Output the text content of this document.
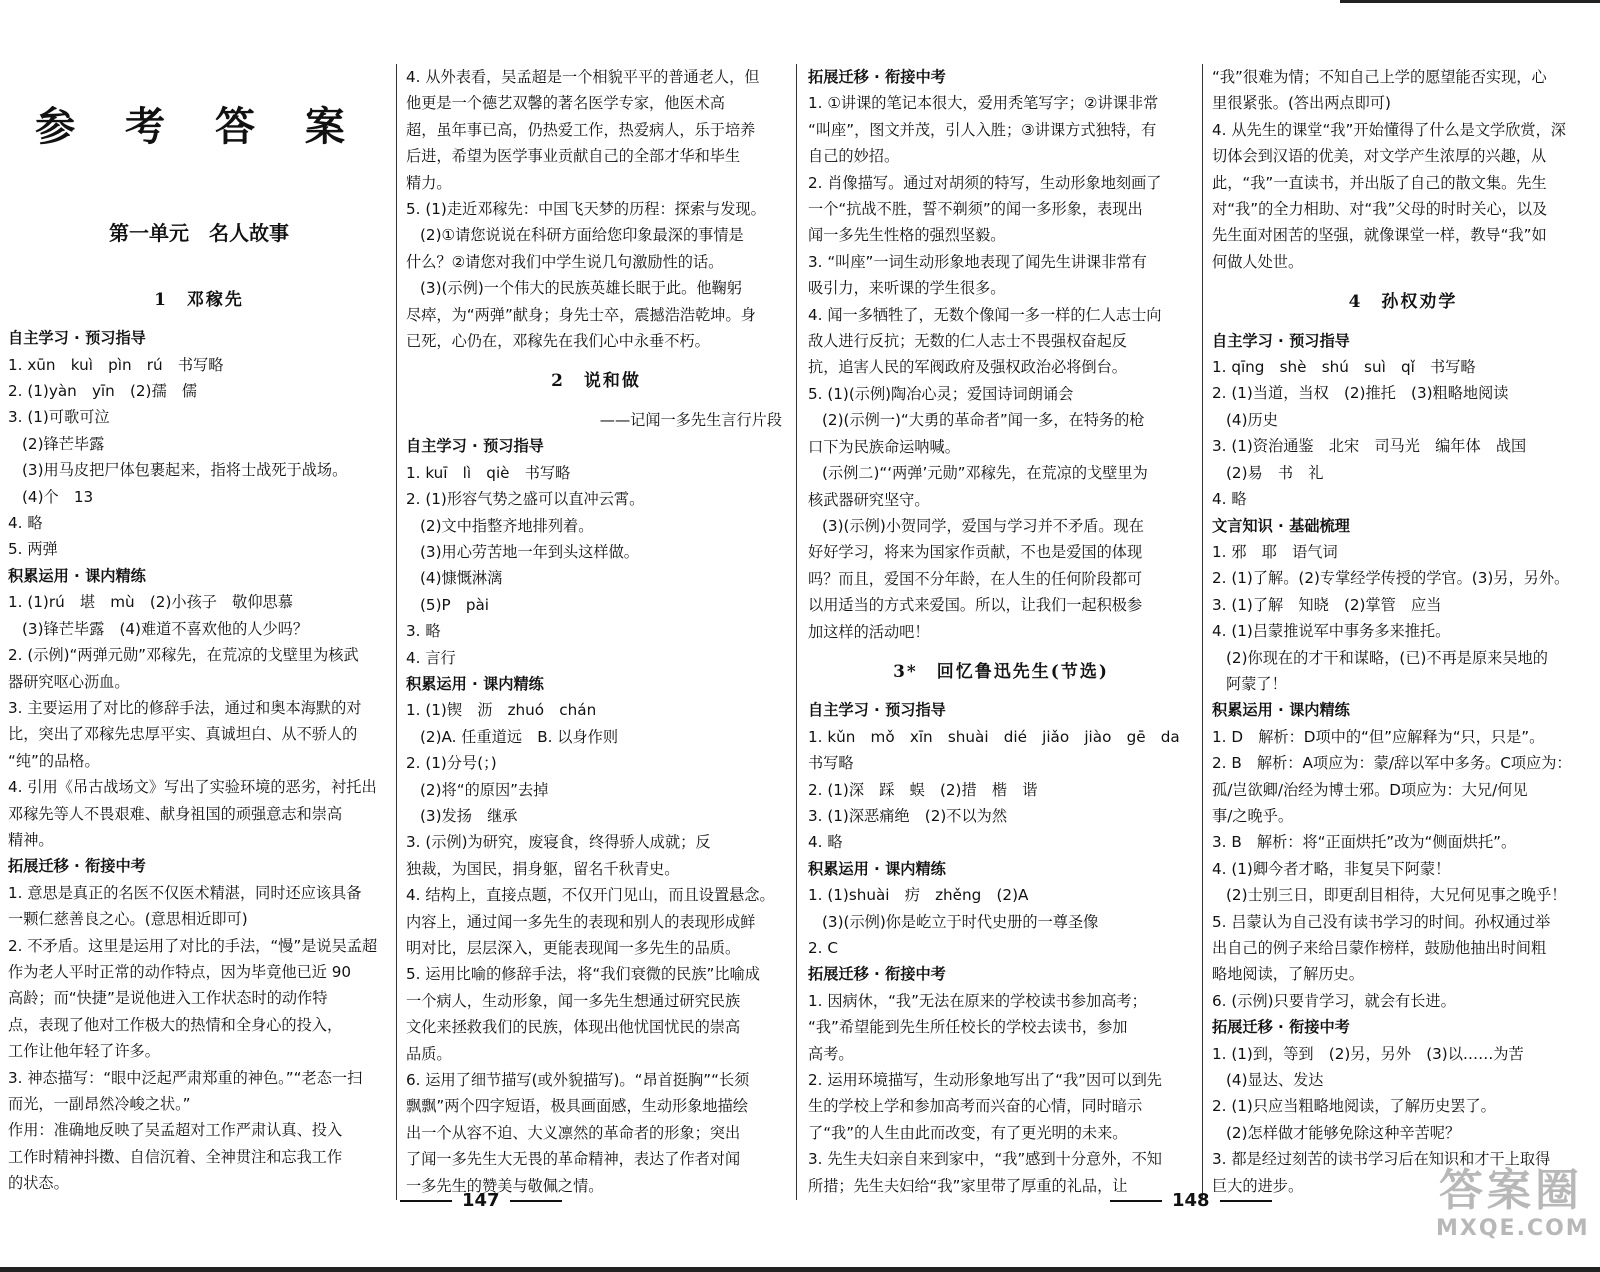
参 考 答 案
第一单元　名人故事
1　邓稼先
自主学习 · 预习指导
1. xūn　kuì　pìn　rú　书写略
2. (1)yàn　yīn　(2)孺　儒
3. (1)可歌可泣
(2)锋芒毕露
(3)用马皮把尸体包裹起来，指将士战死于战场。
(4)个　13
4. 略
5. 两弹
积累运用 · 课内精练
1. (1)rú　堪　mù　(2)小孩子　敬仰思慕
(3)锋芒毕露　(4)难道不喜欢他的人少吗？
2. (示例)“两弹元勋”邓稼先，在荒凉的戈壁里为核武
器研究呕心沥血。
3. 主要运用了对比的修辞手法，通过和奥本海默的对
比，突出了邓稼先忠厚平实、真诚坦白、从不骄人的
“纯”的品格。
4. 引用《吊古战场文》写出了实验环境的恶劣，衬托出
邓稼先等人不畏艰难、献身祖国的顽强意志和崇高
精神。
拓展迁移 · 衔接中考
1. 意思是真正的名医不仅医术精湛，同时还应该具备
一颗仁慈善良之心。(意思相近即可)
2. 不矛盾。这里是运用了对比的手法，“慢”是说吴孟超
作为老人平时正常的动作特点，因为毕竟他已近 90
高龄；而“快捷”是说他进入工作状态时的动作特
点，表现了他对工作极大的热情和全身心的投入，
工作让他年轻了许多。
3. 神态描写：“眼中泛起严肃郑重的神色。”“老态一扫
而光，一副昂然冷峻之状。”
作用：准确地反映了吴孟超对工作严肃认真、投入
工作时精神抖擞、自信沉着、全神贯注和忘我工作
的状态。
4. 从外表看，吴孟超是一个相貌平平的普通老人，但
他更是一个德艺双馨的著名医学专家，他医术高
超，虽年事已高，仍热爱工作，热爱病人，乐于培养
后进，希望为医学事业贡献自己的全部才华和毕生
精力。
5. (1)走近邓稼先：中国飞天梦的历程：探索与发现。
(2)①请您说说在科研方面给您印象最深的事情是
什么？②请您对我们中学生说几句激励性的话。
(3)(示例)一个伟大的民族英雄长眠于此。他鞠躬
尽瘁，为“两弹”献身；身先士卒，震撼浩浩乾坤。身
已死，心仍在，邓稼先在我们心中永垂不朽。
2　说和做
——记闻一多先生言行片段
自主学习 · 预习指导
1. kuī　lì　qiè　书写略
2. (1)形容气势之盛可以直冲云霄。
(2)文中指整齐地排列着。
(3)用心劳苦地一年到头这样做。
(4)慷慨淋漓
(5)P　pài
3. 略
4. 言行
积累运用 · 课内精练
1. (1)锲　沥　zhuó　chán
(2)A. 任重道远　B. 以身作则
2. (1)分号(；)
(2)将“的原因”去掉
(3)发扬　继承
3. (示例)为研究，废寝食，终得骄人成就；反
独裁，为国民，捐身躯，留名千秋青史。
4. 结构上，直接点题，不仅开门见山，而且设置悬念。
内容上，通过闻一多先生的表现和别人的表现形成鲜
明对比，层层深入，更能表现闻一多先生的品质。
5. 运用比喻的修辞手法，将“我们衰微的民族”比喻成
一个病人，生动形象，闻一多先生想通过研究民族
文化来拯救我们的民族，体现出他忧国忧民的崇高
品质。
6. 运用了细节描写(或外貌描写)。“昂首挺胸”“长须
飘飘”两个四字短语，极具画面感，生动形象地描绘
出一个从容不迫、大义凛然的革命者的形象；突出
了闻一多先生大无畏的革命精神，表达了作者对闻
一多先生的赞美与敬佩之情。
拓展迁移 · 衔接中考
1. ①讲课的笔记本很大，爱用秃笔写字；②讲课非常
“叫座”，图文并茂，引人入胜；③讲课方式独特，有
自己的妙招。
2. 肖像描写。通过对胡须的特写，生动形象地刻画了
一个“抗战不胜，誓不剃须”的闻一多形象，表现出
闻一多先生性格的强烈坚毅。
3. “叫座”一词生动形象地表现了闻先生讲课非常有
吸引力，来听课的学生很多。
4. 闻一多牺牲了，无数个像闻一多一样的仁人志士向
敌人进行反抗；无数的仁人志士不畏强权奋起反
抗，追害人民的军阀政府及强权政治必将倒台。
5. (1)(示例)陶冶心灵；爱国诗词朗诵会
(2)(示例一)“大勇的革命者”闻一多，在特务的枪
口下为民族命运呐喊。
(示例二)“‘两弹’元勋”邓稼先，在荒凉的戈壁里为
核武器研究坚守。
(3)(示例)小贺同学，爱国与学习并不矛盾。现在
好好学习，将来为国家作贡献，不也是爱国的体现
吗？而且，爱国不分年龄，在人生的任何阶段都可
以用适当的方式来爱国。所以，让我们一起积极参
加这样的活动吧！
3*　回忆鲁迅先生(节选)
自主学习 · 预习指导
1. kǔn　mǒ　xīn　shuài　dié　jiǎo　jiào　gē　da
书写略
2. (1)深　踩　蜈　(2)措　楷　谐
3. (1)深恶痛绝　(2)不以为然
4. 略
积累运用 · 课内精练
1. (1)shuài　疠　zhěng　(2)A
(3)(示例)你是屹立于时代史册的一尊圣像
2. C
拓展迁移 · 衔接中考
1. 因病休，“我”无法在原来的学校读书参加高考；
“我”希望能到先生所任校长的学校去读书，参加
高考。
2. 运用环境描写，生动形象地写出了“我”因可以到先
生的学校上学和参加高考而兴奋的心情，同时暗示
了“我”的人生由此而改变，有了更光明的未来。
3. 先生夫妇亲自来到家中，“我”感到十分意外，不知
所措；先生夫妇给“我”家里带了厚重的礼品，让
“我”很难为情；不知自己上学的愿望能否实现，心
里很紧张。(答出两点即可)
4. 从先生的课堂“我”开始懂得了什么是文学欣赏，深
切体会到汉语的优美，对文学产生浓厚的兴趣，从
此，“我”一直读书，并出版了自己的散文集。先生
对“我”的全力相助、对“我”父母的时时关心，以及
先生面对困苦的坚强，就像课堂一样，教导“我”如
何做人处世。
4　孙权劝学
自主学习 · 预习指导
1. qīng　shè　shú　suì　qǐ　书写略
2. (1)当道，当权　(2)推托　(3)粗略地阅读
(4)历史
3. (1)资治通鉴　北宋　司马光　编年体　战国
(2)易　书　礼
4. 略
文言知识 · 基础梳理
1. 邪　耶　语气词
2. (1)了解。(2)专掌经学传授的学官。(3)另，另外。
3. (1)了解　知晓　(2)掌管　应当
4. (1)吕蒙推说军中事务多来推托。
(2)你现在的才干和谋略，(已)不再是原来吴地的
阿蒙了！
积累运用 · 课内精练
1. D　解析：D项中的“但”应解释为“只，只是”。
2. B　解析：A项应为：蒙/辞以军中多务。C项应为：
孤/岂欲卿/治经为博士邪。D项应为：大兄/何见
事/之晚乎。
3. B　解析：将“正面烘托”改为“侧面烘托”。
4. (1)卿今者才略，非复吴下阿蒙！
(2)士别三日，即更刮目相待，大兄何见事之晚乎！
5. 吕蒙认为自己没有读书学习的时间。孙权通过举
出自己的例子来给吕蒙作榜样，鼓励他抽出时间粗
略地阅读，了解历史。
6. (示例)只要肯学习，就会有长进。
拓展迁移 · 衔接中考
1. (1)到，等到　(2)另，另外　(3)以……为苦
(4)显达、发达
2. (1)只应当粗略地阅读，了解历史罢了。
(2)怎样做才能够免除这种辛苦呢？
3. 都是经过刻苦的读书学习后在知识和才干上取得
巨大的进步。
147	148	答案圈
MXQE.COM
